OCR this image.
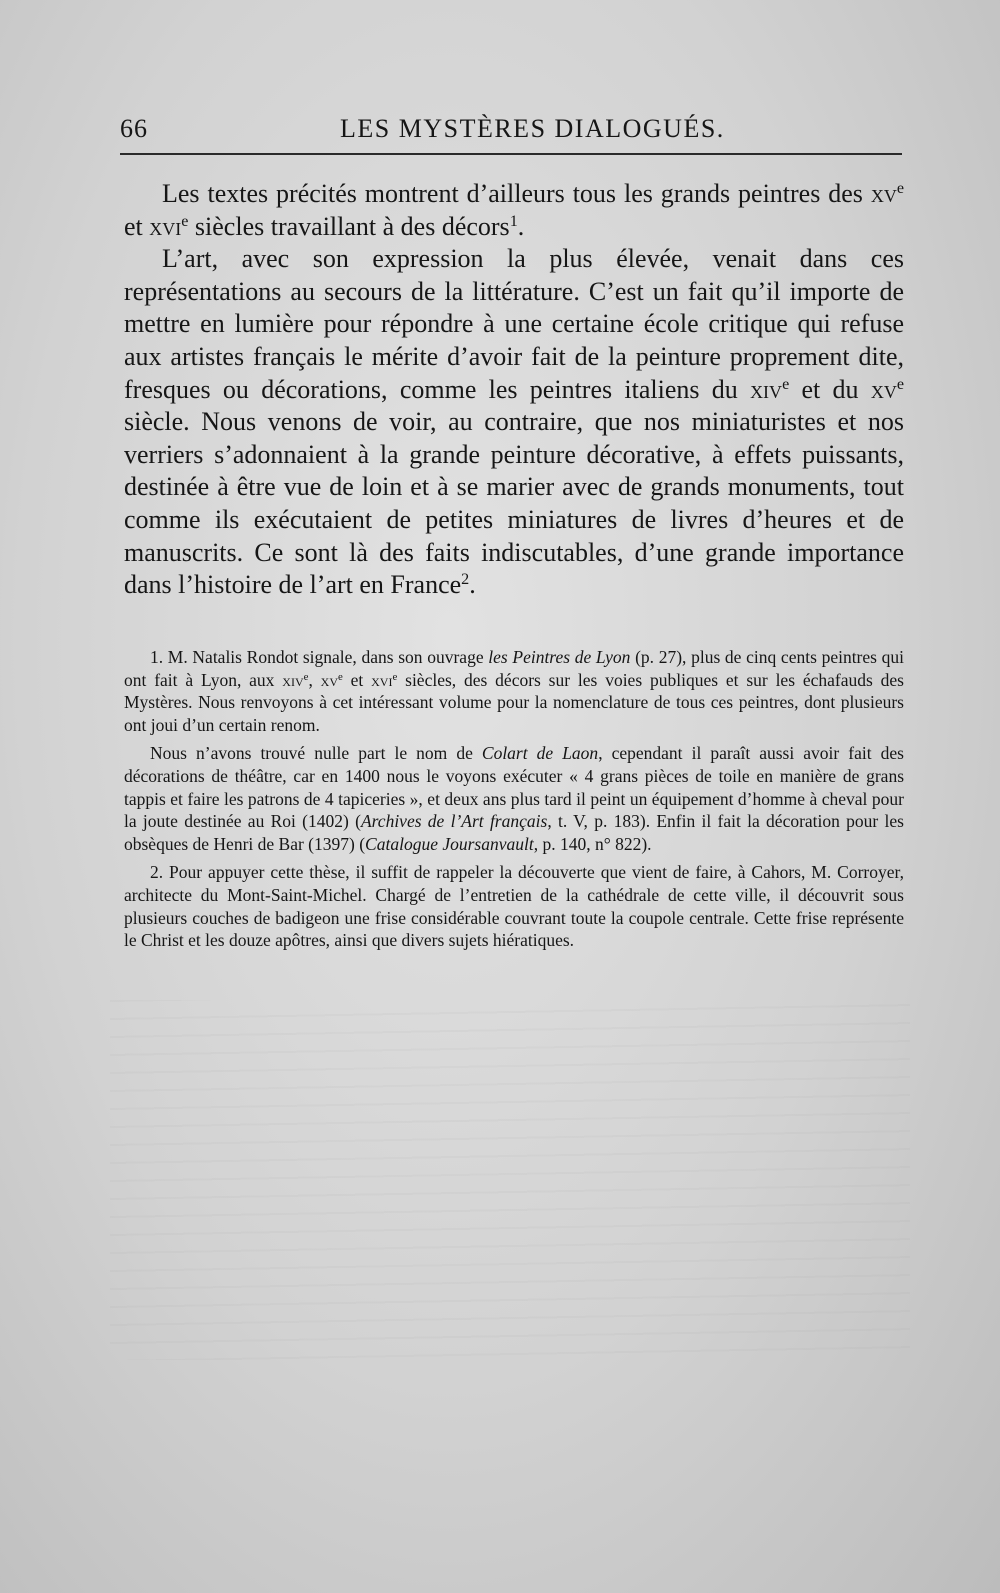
66	LES MYSTÈRES DIALOGUÉS.

Les textes précités montrent d’ailleurs tous les grands peintres des $xv^e$ et xvi$^e$ siècles travaillant à des décors$^1$.

L’art, avec son expression la plus élevée, venait dans ces représentations au secours de la littérature. C’est un fait qu’il importe de mettre en lumière pour répondre à une certaine école critique qui refuse aux artistes français le mérite d’avoir fait de la peinture proprement dite, fresques ou décorations, comme les peintres italiens du xiv$^e$ et du $xv^e$ siècle. Nous venons de voir, au contraire, que nos miniaturistes et nos verriers s’adonnaient à la grande peinture décorative, à effets puissants, destinée à être vue de loin et à se marier avec de grands monuments, tout comme ils exécutaient de petites miniatures de livres d’heures et de manuscrits. Ce sont là des faits indiscutables, d’une grande importance dans l’histoire de l’art en France$^2$.

1. M. Natalis Rondot signale, dans son ouvrage les Peintres de Lyon (p. 27), plus de cinq cents peintres qui ont fait à Lyon, aux xiv$^e$, $xv^e$ et xvi$^e$ siècles, des décors sur les voies publiques et sur les échafauds des Mystères. Nous renvoyons à cet intéressant volume pour la nomenclature de tous ces peintres, dont plusieurs ont joui d’un certain renom.

Nous n’avons trouvé nulle part le nom de Colart de Laon, cependant il paraît aussi avoir fait des décorations de théâtre, car en 1400 nous le voyons exécuter « 4 grans pièces de toile en manière de grans tappis et faire les patrons de 4 tapiceries », et deux ans plus tard il peint un équipement d’homme à cheval pour la joute destinée au Roi (1402) (Archives de l’Art français, t. V, p. 183). Enfin il fait la décoration pour les obsèques de Henri de Bar (1397) (Catalogue Joursanvault, p. 140, n° 822).

2. Pour appuyer cette thèse, il suffit de rappeler la découverte que vient de faire, à Cahors, M. Corroyer, architecte du Mont-Saint-Michel. Chargé de l’entretien de la cathédrale de cette ville, il découvrit sous plusieurs couches de badigeon une frise considérable couvrant toute la coupole centrale. Cette frise représente le Christ et les douze apôtres, ainsi que divers sujets hiératiques.
